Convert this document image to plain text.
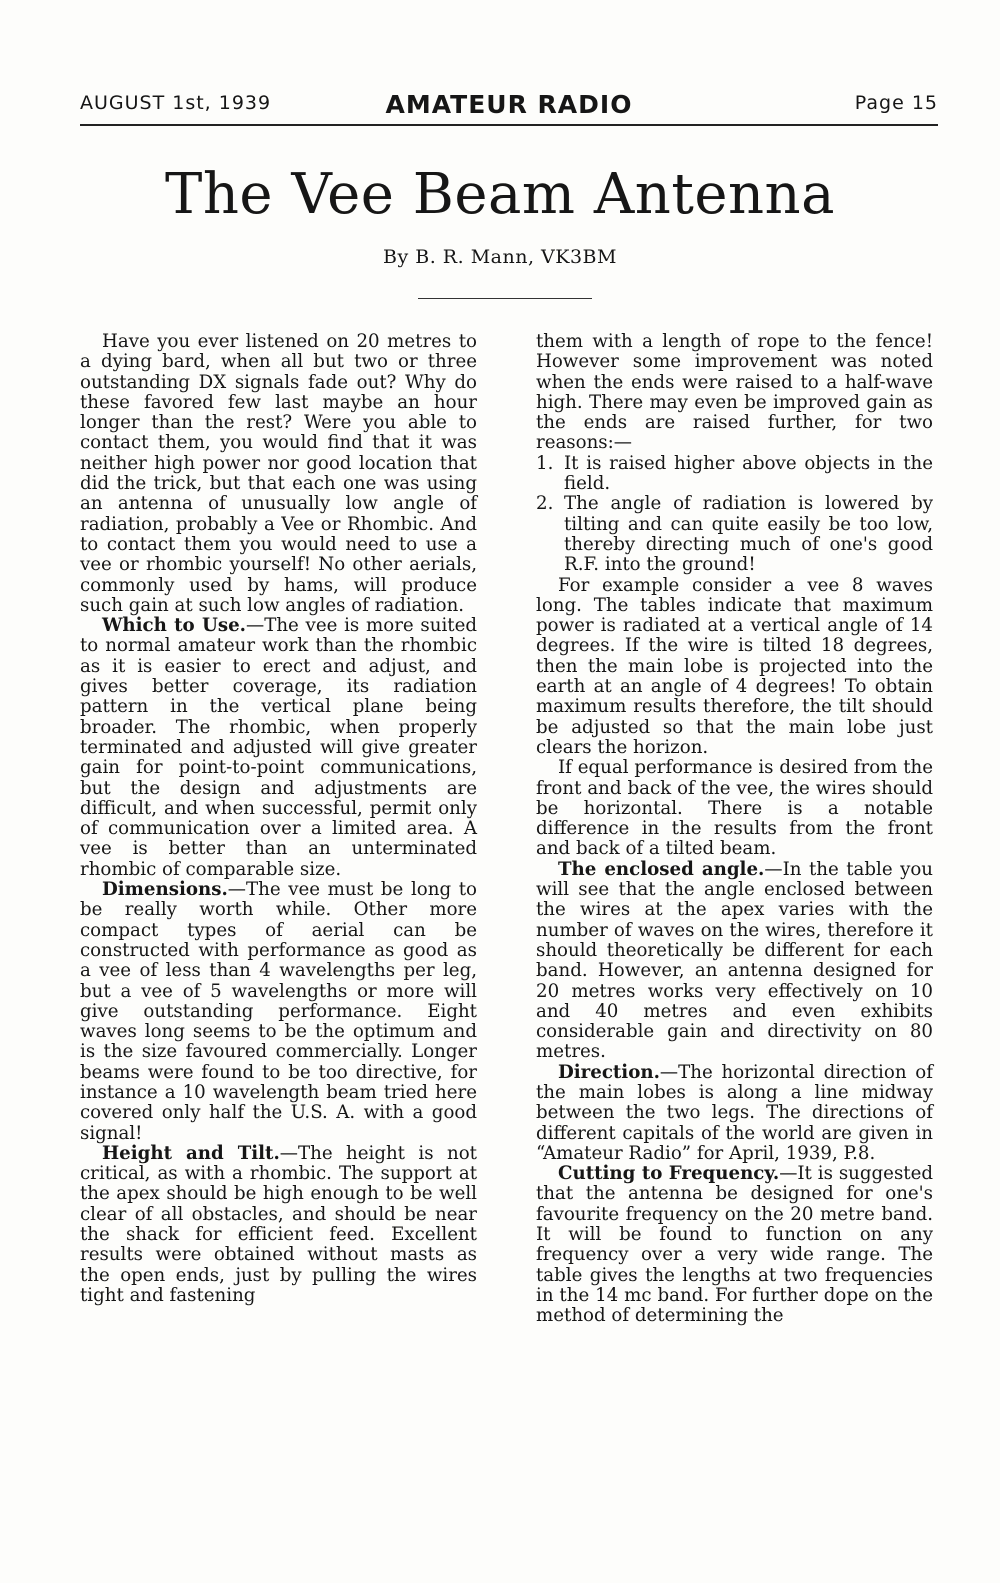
AUGUST 1st, 1939	AMATEUR RADIO	Page 15
The Vee Beam Antenna
By B. R. Mann, VK3BM

Have you ever listened on 20 metres to a dying bard, when all but two or three outstanding DX signals fade out? Why do these favored few last maybe an hour longer than the rest? Were you able to contact them, you would find that it was neither high power nor good location that did the trick, but that each one was using an antenna of unusually low angle of radiation, probably a Vee or Rhombic. And to contact them you would need to use a vee or rhombic yourself! No other aerials, commonly used by hams, will produce such gain at such low angles of radiation.

Which to Use.—The vee is more suited to normal amateur work than the rhombic as it is easier to erect and adjust, and gives better coverage, its radiation pattern in the vertical plane being broader. The rhombic, when properly terminated and adjusted will give greater gain for point-to-point communications, but the design and adjustments are difficult, and when successful, permit only of communication over a limited area. A vee is better than an unterminated rhombic of comparable size.

Dimensions.—The vee must be long to be really worth while. Other more compact types of aerial can be constructed with performance as good as a vee of less than 4 wavelengths per leg, but a vee of 5 wavelengths or more will give outstanding performance. Eight waves long seems to be the optimum and is the size favoured commercially. Longer beams were found to be too directive, for instance a 10 wavelength beam tried here covered only half the U.S. A. with a good signal!

Height and Tilt.—The height is not critical, as with a rhombic. The support at the apex should be high enough to be well clear of all obstacles, and should be near the shack for efficient feed. Excellent results were obtained without masts as the open ends, just by pulling the wires tight and fastening

them with a length of rope to the fence! However some improvement was noted when the ends were raised to a half-wave high. There may even be improved gain as the ends are raised further, for two reasons:—

1. It is raised higher above objects in the field.
2. The angle of radiation is lowered by tilting and can quite easily be too low, thereby directing much of one's good R.F. into the ground!

For example consider a vee 8 waves long. The tables indicate that maximum power is radiated at a vertical angle of 14 degrees. If the wire is tilted 18 degrees, then the main lobe is projected into the earth at an angle of 4 degrees! To obtain maximum results therefore, the tilt should be adjusted so that the main lobe just clears the horizon.

If equal performance is desired from the front and back of the vee, the wires should be horizontal. There is a notable difference in the results from the front and back of a tilted beam.

The enclosed angle.—In the table you will see that the angle enclosed between the wires at the apex varies with the number of waves on the wires, therefore it should theoretically be different for each band. However, an antenna designed for 20 metres works very effectively on 10 and 40 metres and even exhibits considerable gain and directivity on 80 metres.

Direction.—The horizontal direction of the main lobes is along a line midway between the two legs. The directions of different capitals of the world are given in “Amateur Radio” for April, 1939, P.8.

Cutting to Frequency.—It is suggested that the antenna be designed for one's favourite frequency on the 20 metre band. It will be found to function on any frequency over a very wide range. The table gives the lengths at two frequencies in the 14 mc band. For further dope on the method of determining the
